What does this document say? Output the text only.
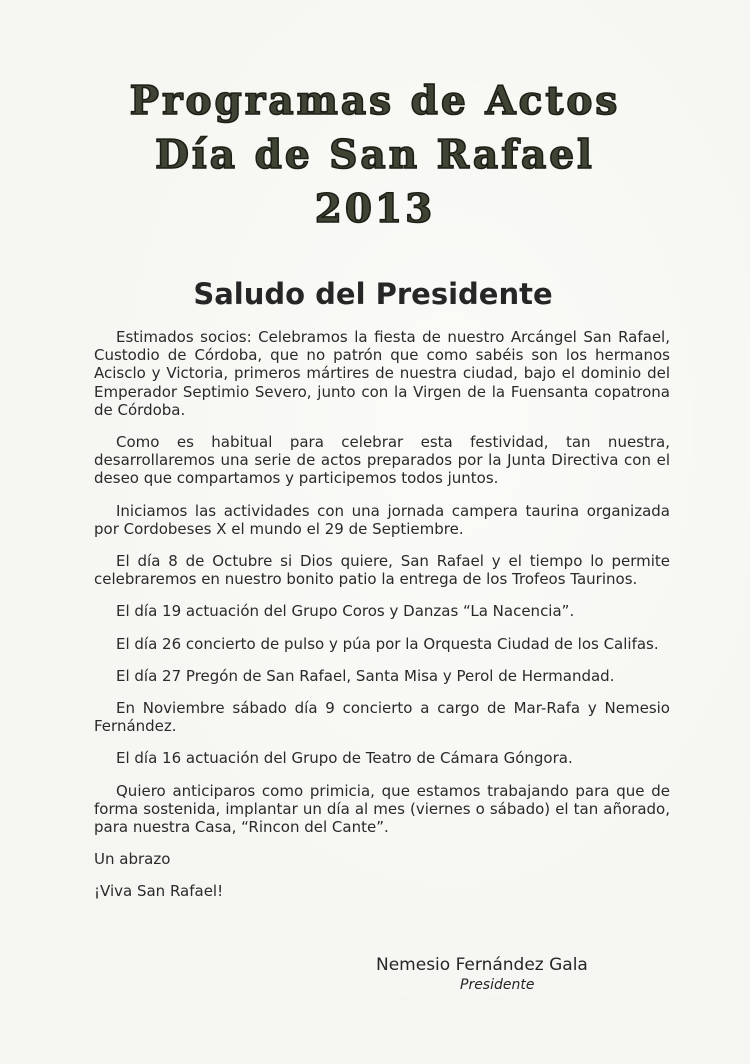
Programas de Actos
Día de San Rafael
2013
Saludo del Presidente

Estimados socios: Celebramos la fiesta de nuestro Arcángel San Rafael, Custodio de Córdoba, que no patrón que como sabéis son los hermanos Acisclo y Victoria, primeros mártires de nuestra ciudad, bajo el dominio del Emperador Septimio Severo, junto con la Virgen de la Fuensanta copatrona de Córdoba.

Como es habitual para celebrar esta festividad, tan nuestra, desarrollaremos una serie de actos preparados por la Junta Directiva con el deseo que compartamos y participemos todos juntos.

Iniciamos las actividades con una jornada campera taurina organizada por Cordobeses X el mundo el 29 de Septiembre.

El día 8 de Octubre si Dios quiere, San Rafael y el tiempo lo permite celebraremos en nuestro bonito patio la entrega de los Trofeos Taurinos.

El día 19 actuación del Grupo Coros y Danzas “La Nacencia”.

El día 26 concierto de pulso y púa por la Orquesta Ciudad de los Califas.

El día 27 Pregón de San Rafael, Santa Misa y Perol de Hermandad.

En Noviembre sábado día 9 concierto a cargo de Mar-Rafa y Nemesio Fernández.

El día 16 actuación del Grupo de Teatro de Cámara Góngora.

Quiero anticiparos como primicia, que estamos trabajando para que de forma sostenida, implantar un día al mes (viernes o sábado) el tan añorado, para nuestra Casa, “Rincon del Cante”.

Un abrazo

¡Viva San Rafael!

Nemesio Fernández Gala
Presidente
